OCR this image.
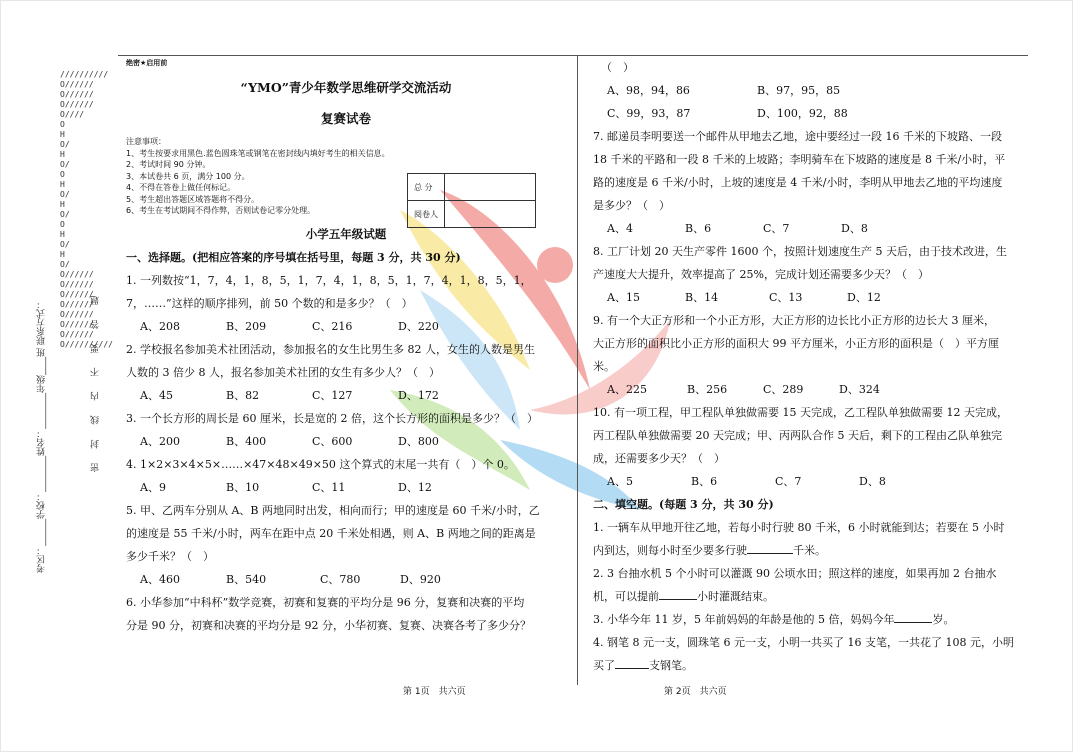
//////////O//////O//////O//////O////OHO/HO/OHO/HO/OHO/HO/O//////O//////O//////O//////O//////O//////O//////O//////////
密 封 线 内 不 要 答 题
考区：______学校：________姓名：________年级____班 联系方式：

绝密★启用前

“YMO”青少年数学思维研学交流活动

复赛试卷

注意事项：
1、考生按要求用黑色.蓝色圆珠笔或钢笔在密封线内填好考生的相关信息。
2、考试时间 90 分钟。
3、本试卷共 6 页，满分 100 分。
4、不得在答卷上做任何标记。
5、考生超出答题区域答题将不得分。
6、考生在考试期间不得作弊，否则试卷记零分处理。

小学五年级试题

一、选择题。(把相应答案的序号填在括号里，每题 3 分，共 30 分)

1. 一列数按“1，7，4，1，8，5，1，7，4，1，8，5，1，7，4，1，8，5，1，

7，……”这样的顺序排列，前 50 个数的和是多少？（　）

A、208	B、209	C、216	D、220

2. 学校报名参加美术社团活动，参加报名的女生比男生多 82 人，女生的人数是男生

人数的 3 倍少 8 人，报名参加美术社团的女生有多少人？（　）

A、45	B、82	C、127	D、172

3. 一个长方形的周长是 60 厘米，长是宽的 2 倍，这个长方形的面积是多少？（　）

A、200	B、400	C、600	D、800

4. 1×2×3×4×5×……×47×48×49×50 这个算式的末尾一共有（　）个 0。

A、9	B、10	C、11	D、12

5. 甲、乙两车分别从 A、B 两地同时出发，相向而行；甲的速度是 60 千米/小时，乙

的速度是 55 千米/小时，两车在距中点 20 千米处相遇，则 A、B 两地之间的距离是

多少千米？（　）

A、460	B、540	C、780	D、920

6. 小华参加“中科杯”数学竞赛，初赛和复赛的平均分是 96 分，复赛和决赛的平均

分是 90 分，初赛和决赛的平均分是 92 分，小华初赛、复赛、决赛各考了多少分？

总 分	
阅卷人	

（　）

A、98，94，86	B、97，95，85
C、99，93，87	D、100，92，88

7. 邮递员李明要送一个邮件从甲地去乙地，途中要经过一段 16 千米的下坡路、一段

18 千米的平路和一段 8 千米的上坡路；李明骑车在下坡路的速度是 8 千米/小时，平

路的速度是 6 千米/小时，上坡的速度是 4 千米/小时，李明从甲地去乙地的平均速度

是多少？（　）

A、4	B、6	C、7	D、8

8. 工厂计划 20 天生产零件 1600 个，按照计划速度生产 5 天后，由于技术改进，生

产速度大大提升，效率提高了 25%，完成计划还需要多少天？（　）

A、15	B、14	C、13	D、12

9. 有一个大正方形和一个小正方形，大正方形的边长比小正方形的边长大 3 厘米，

大正方形的面积比小正方形的面积大 99 平方厘米，小正方形的面积是（　）平方厘

米。

A、225	B、256	C、289	D、324

10. 有一项工程，甲工程队单独做需要 15 天完成，乙工程队单独做需要 12 天完成，

丙工程队单独做需要 20 天完成；甲、丙两队合作 5 天后，剩下的工程由乙队单独完

成，还需要多少天？（　）

A、5	B、6	C、7	D、8

二、填空题。(每题 3 分，共 30 分)

1. 一辆车从甲地开往乙地，若每小时行驶 80 千米，6 小时就能到达；若要在 5 小时

内到达，则每小时至少要多行驶	千米。

2. 3 台抽水机 5 个小时可以灌溉 90 公顷水田；照这样的速度，如果再加 2 台抽水

机，可以提前	小时灌溉结束。

3. 小华今年 11 岁，5 年前妈妈的年龄是他的 5 倍，妈妈今年	岁。

4. 钢笔 8 元一支，圆珠笔 6 元一支，小明一共买了 16 支笔，一共花了 108 元，小明

买了	支钢笔。

第 1页　共六页	第 2页　共六页
